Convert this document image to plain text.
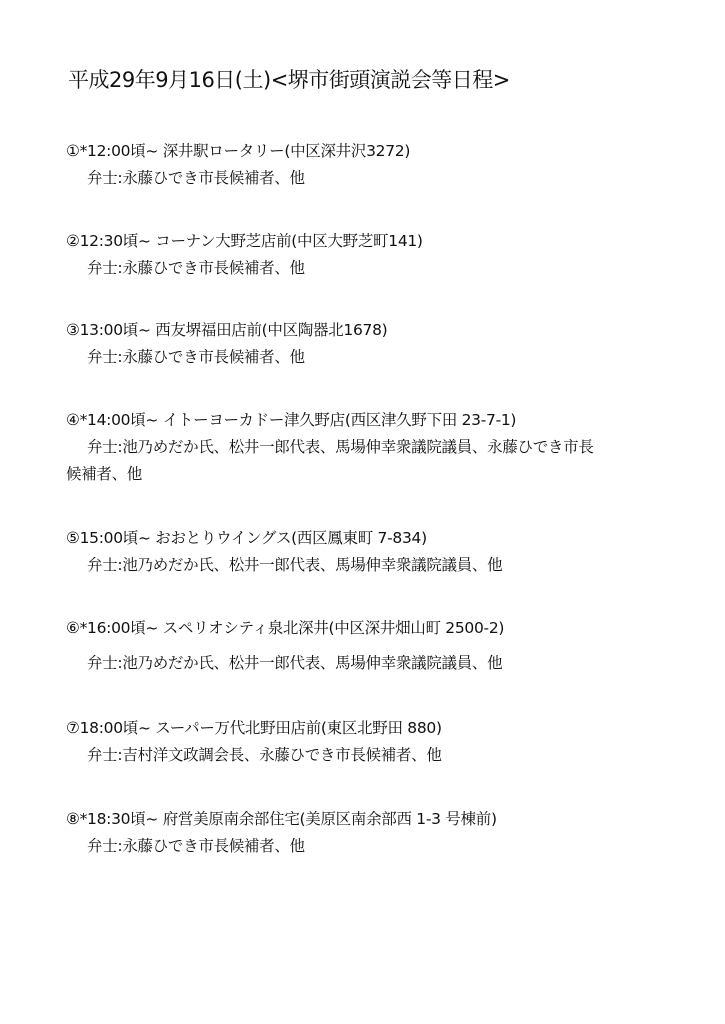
平成29年9月16日(土)<堺市街頭演説会等日程>
①*12:00頃~ 深井駅ロータリー(中区深井沢3272)
弁士:永藤ひでき市長候補者、他
②12:30頃~ コーナン大野芝店前(中区大野芝町141)
弁士:永藤ひでき市長候補者、他
③13:00頃~ 西友堺福田店前(中区陶器北1678)
弁士:永藤ひでき市長候補者、他
④*14:00頃~ イトーヨーカドー津久野店(西区津久野下田 23-7-1)
弁士:池乃めだか氏、松井一郎代表、馬場伸幸衆議院議員、永藤ひでき市長
候補者、他
⑤15:00頃~ おおとりウイングス(西区鳳東町 7-834)
弁士:池乃めだか氏、松井一郎代表、馬場伸幸衆議院議員、他
⑥*16:00頃~ スペリオシティ泉北深井(中区深井畑山町 2500-2)
弁士:池乃めだか氏、松井一郎代表、馬場伸幸衆議院議員、他
⑦18:00頃~ スーパー万代北野田店前(東区北野田 880)
弁士:吉村洋文政調会長、永藤ひでき市長候補者、他
⑧*18:30頃~ 府営美原南余部住宅(美原区南余部西 1-3 号棟前)
弁士:永藤ひでき市長候補者、他
